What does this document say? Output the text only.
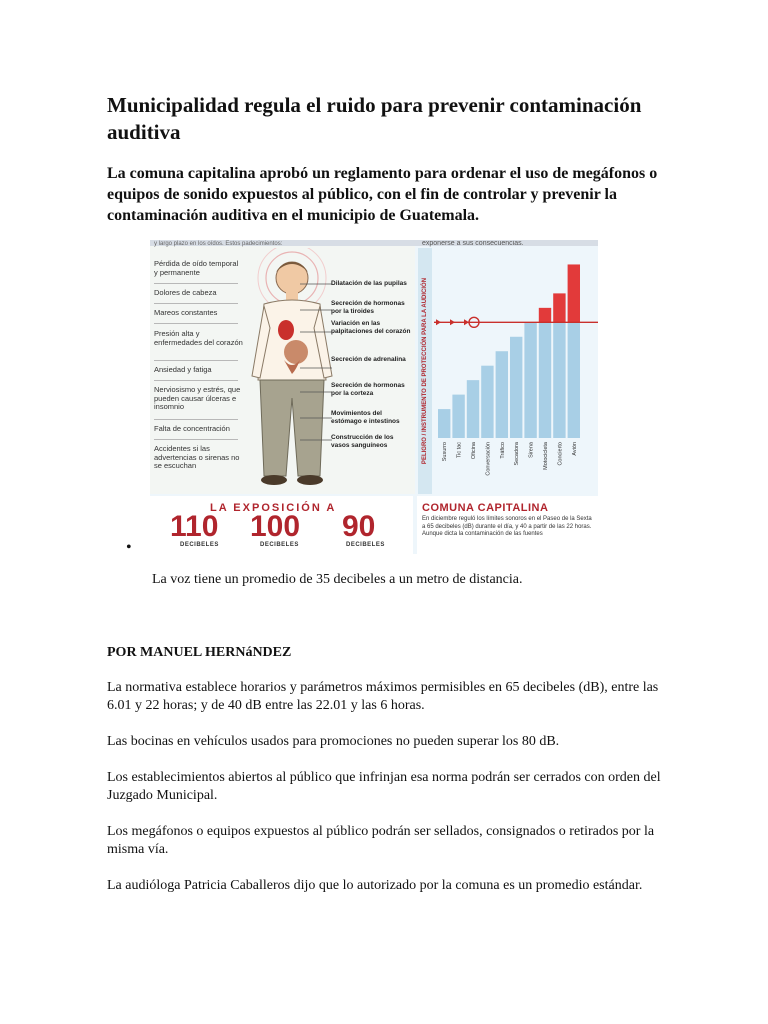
Municipalidad regula el ruido para prevenir contaminación auditiva

La comuna capitalina aprobó un reglamento para ordenar el uso de megáfonos o equipos de sonido expuestos al público, con el fin de controlar y prevenir la contaminación auditiva en el municipio de Guatemala.

y largo plazo en los oídos. Estos padecimientos:	exponerse a sus consecuencias.
Pérdida de oído temporal y permanente
Dolores de cabeza
Mareos constantes
Presión alta y enfermedades del corazón
Ansiedad y fatiga
Nerviosismo y estrés, que pueden causar úlceras e insomnio
Falta de concentración
Accidentes si las advertencias o sirenas no se escuchan
Dilatación de las pupilas
Secreción de hormonas por la tiroides
Variación en las palpitaciones del corazón
Secreción de adrenalina
Secreción de hormonas por la corteza
Movimientos del estómago e intestinos
Construcción de los vasos sanguíneos	PELIGRO / INSTRUMENTO DE PROTECCIÓN PARA LA AUDICIÓN	Susurro Tic tac Oficina Conversación Tráfico Secadora Sirena Motocicleta Concierto Avión
LA EXPOSICIÓN A
110
DECIBELES
100
DECIBELES
90
DECIBELES
COMUNA CAPITALINA
En diciembre reguló los límites sonoros en el Paseo de la Sexta a 65 decibeles (dB) durante el día, y 40 a partir de las 22 horas.
Aunque dicta la contaminación de las fuentes

•

La voz tiene un promedio de 35 decibeles a un metro de distancia.

POR MANUEL HERNáNDEZ

La normativa establece horarios y parámetros máximos permisibles en 65 decibeles (dB), entre las 6.01 y 22 horas; y de 40 dB entre las 22.01 y las 6 horas.

Las bocinas en vehículos usados para promociones no pueden superar los 80 dB.

Los establecimientos abiertos al público que infrinjan esa norma podrán ser cerrados con orden del Juzgado Municipal.

Los megáfonos o equipos expuestos al público podrán ser sellados, consignados o retirados por la misma vía.

La audióloga Patricia Caballeros dijo que lo autorizado por la comuna es un promedio estándar.
